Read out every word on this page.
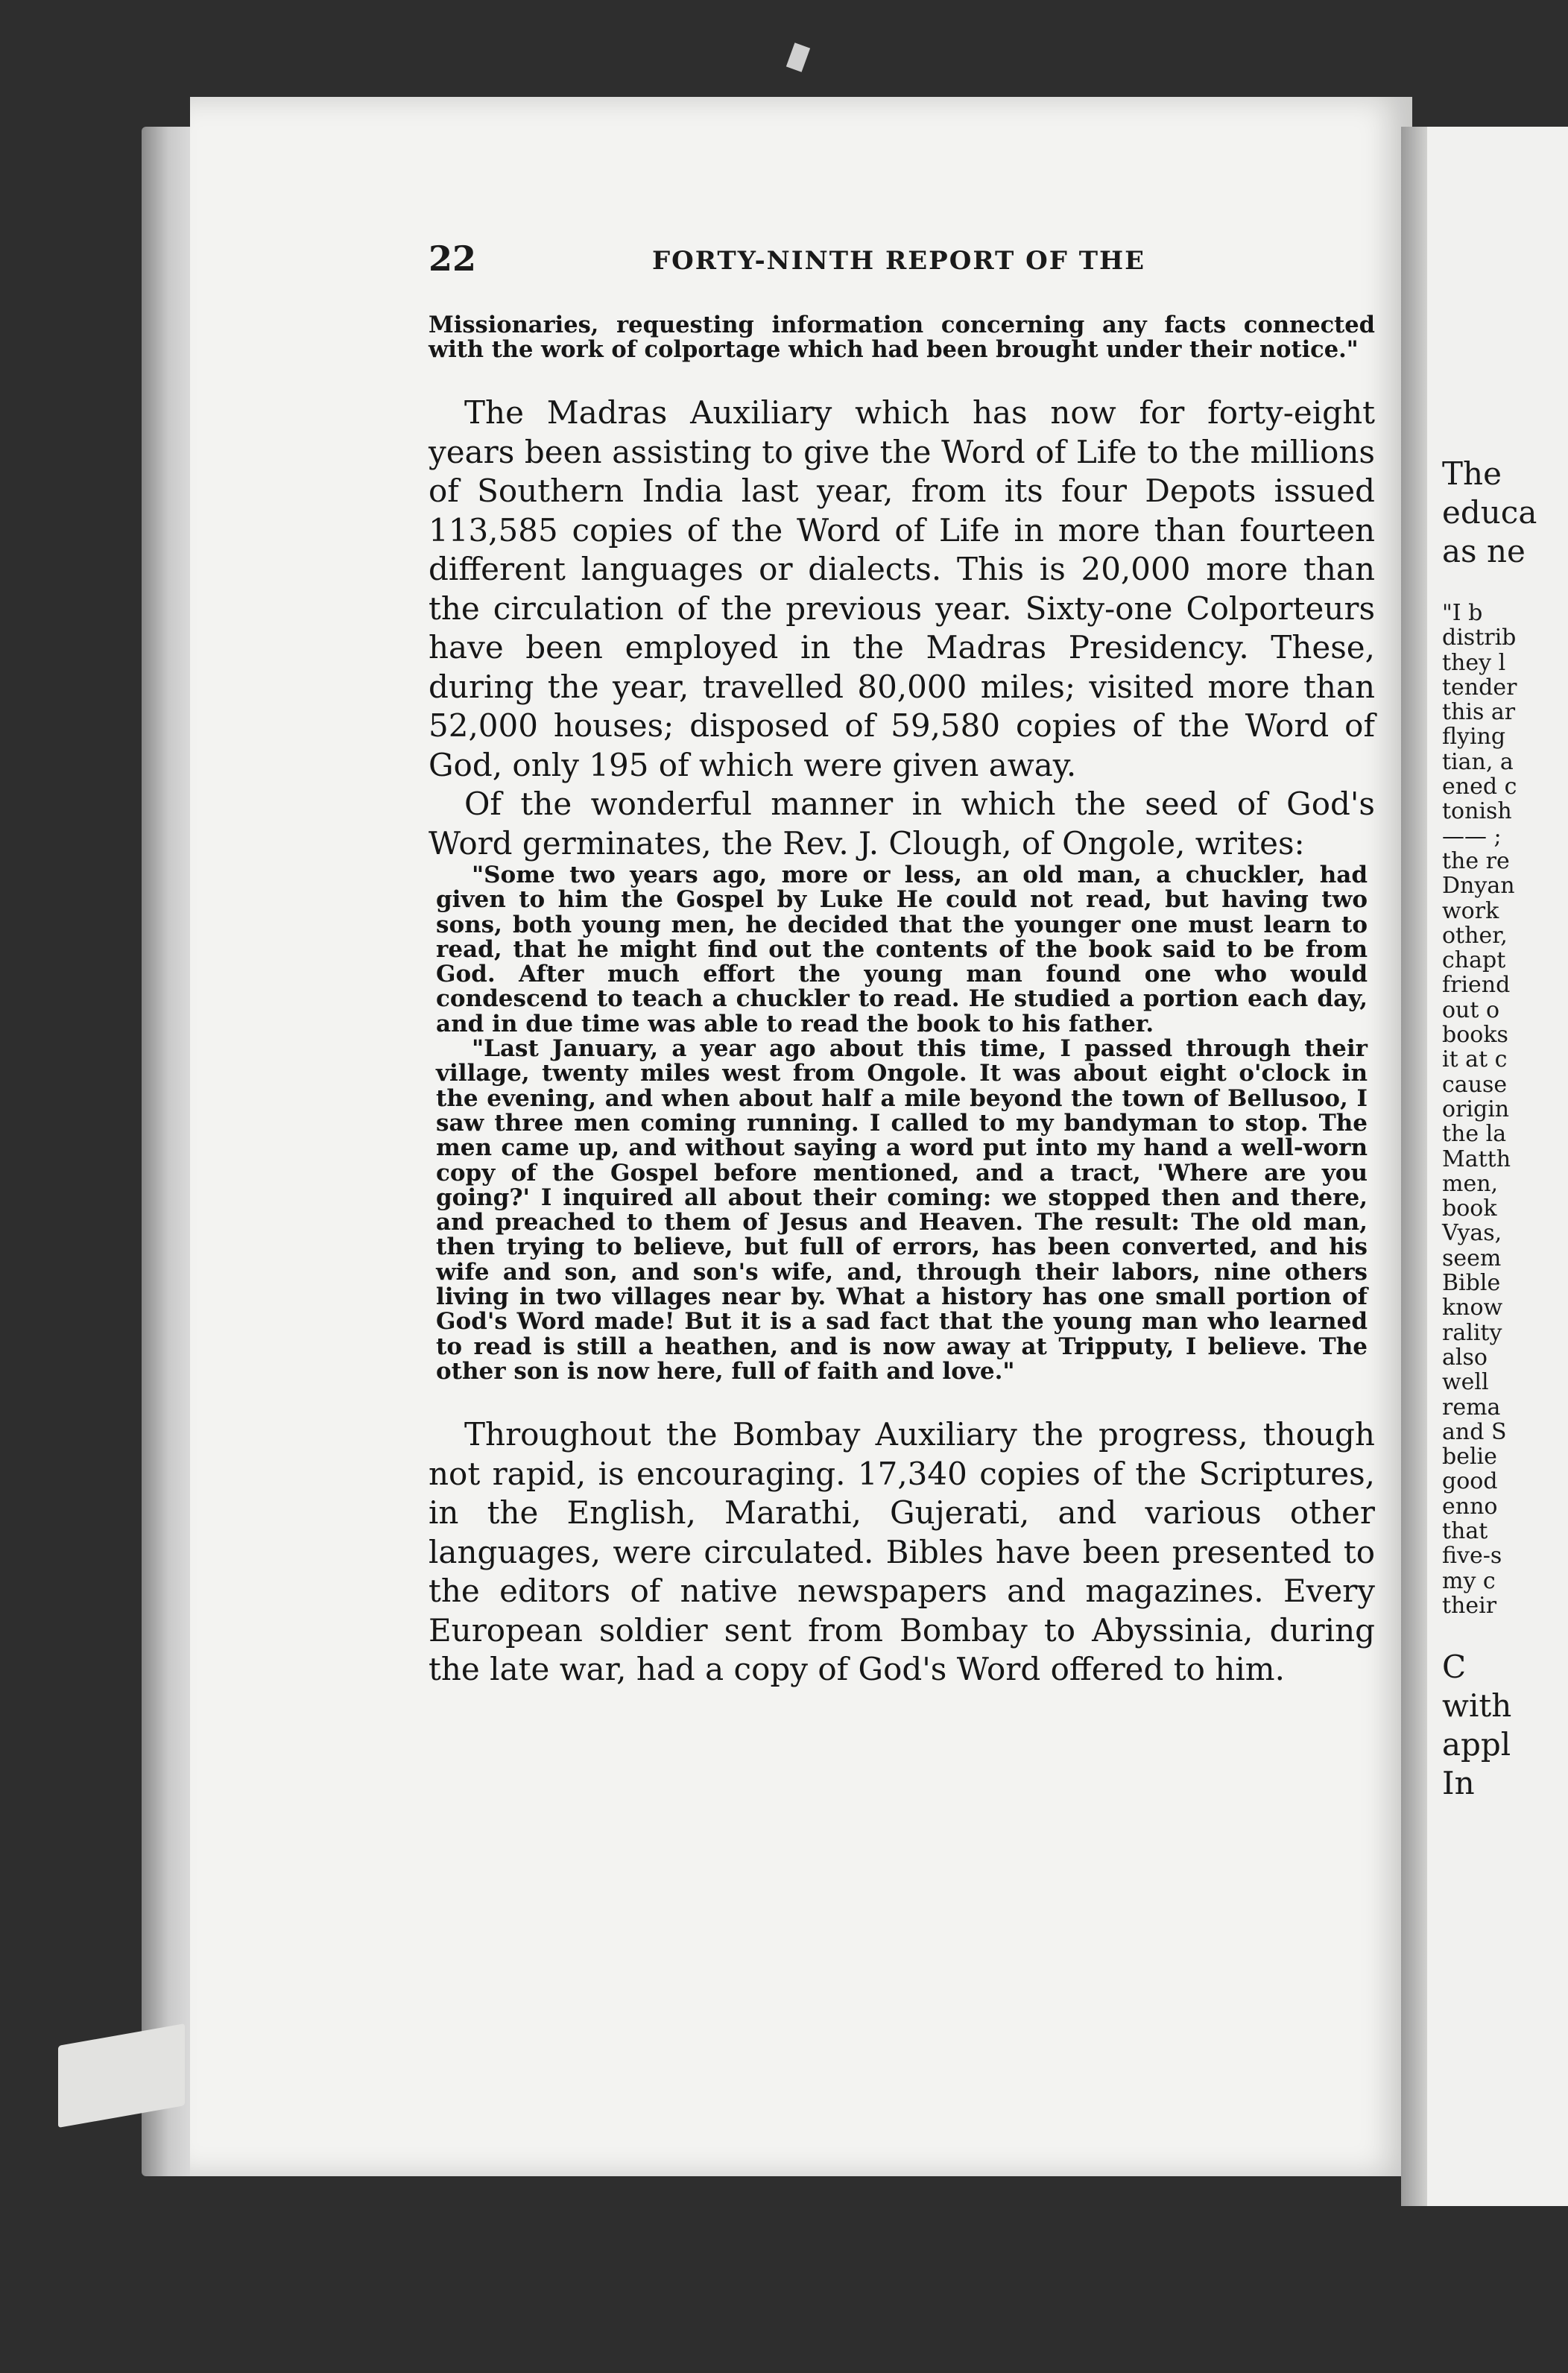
The
educa
as ne
"I b
distrib
they l
tender
this ar
flying
tian, a
ened c
tonish
—— ;
the re
Dnyan
work
other,
chapt
friend
out o
books
it at c
cause
origin
the la
Matth
men,
book
Vyas,
seem
Bible
know
rality
also
well
rema
and S
belie
good
enno
that
five-s
my c
their
C
with
appl
In
22	FORTY-NINTH REPORT OF THE

Missionaries, requesting information concerning any facts connected with the work of colportage which had been brought under their notice."

The Madras Auxiliary which has now for forty-eight years been assisting to give the Word of Life to the millions of Southern India last year, from its four Depots issued 113,585 copies of the Word of Life in more than fourteen different languages or dialects. This is 20,000 more than the circulation of the previous year. Sixty-one Colporteurs have been employed in the Madras Presidency. These, during the year, travelled 80,000 miles; visited more than 52,000 houses; disposed of 59,580 copies of the Word of God, only 195 of which were given away.

Of the wonderful manner in which the seed of God's Word germinates, the Rev. J. Clough, of Ongole, writes:

"Some two years ago, more or less, an old man, a chuckler, had given to him the Gospel by Luke He could not read, but having two sons, both young men, he decided that the younger one must learn to read, that he might find out the contents of the book said to be from God. After much effort the young man found one who would condescend to teach a chuckler to read. He studied a portion each day, and in due time was able to read the book to his father.

"Last January, a year ago about this time, I passed through their village, twenty miles west from Ongole. It was about eight o'clock in the evening, and when about half a mile beyond the town of Bellusoo, I saw three men coming running. I called to my bandyman to stop. The men came up, and without saying a word put into my hand a well-worn copy of the Gospel before mentioned, and a tract, 'Where are you going?' I inquired all about their coming: we stopped then and there, and preached to them of Jesus and Heaven. The result: The old man, then trying to believe, but full of errors, has been converted, and his wife and son, and son's wife, and, through their labors, nine others living in two villages near by. What a history has one small portion of God's Word made! But it is a sad fact that the young man who learned to read is still a heathen, and is now away at Tripputy, I believe. The other son is now here, full of faith and love."

Throughout the Bombay Auxiliary the progress, though not rapid, is encouraging. 17,340 copies of the Scriptures, in the English, Marathi, Gujerati, and various other languages, were circulated. Bibles have been presented to the editors of native newspapers and magazines. Every European soldier sent from Bombay to Abyssinia, during the late war, had a copy of God's Word offered to him.
